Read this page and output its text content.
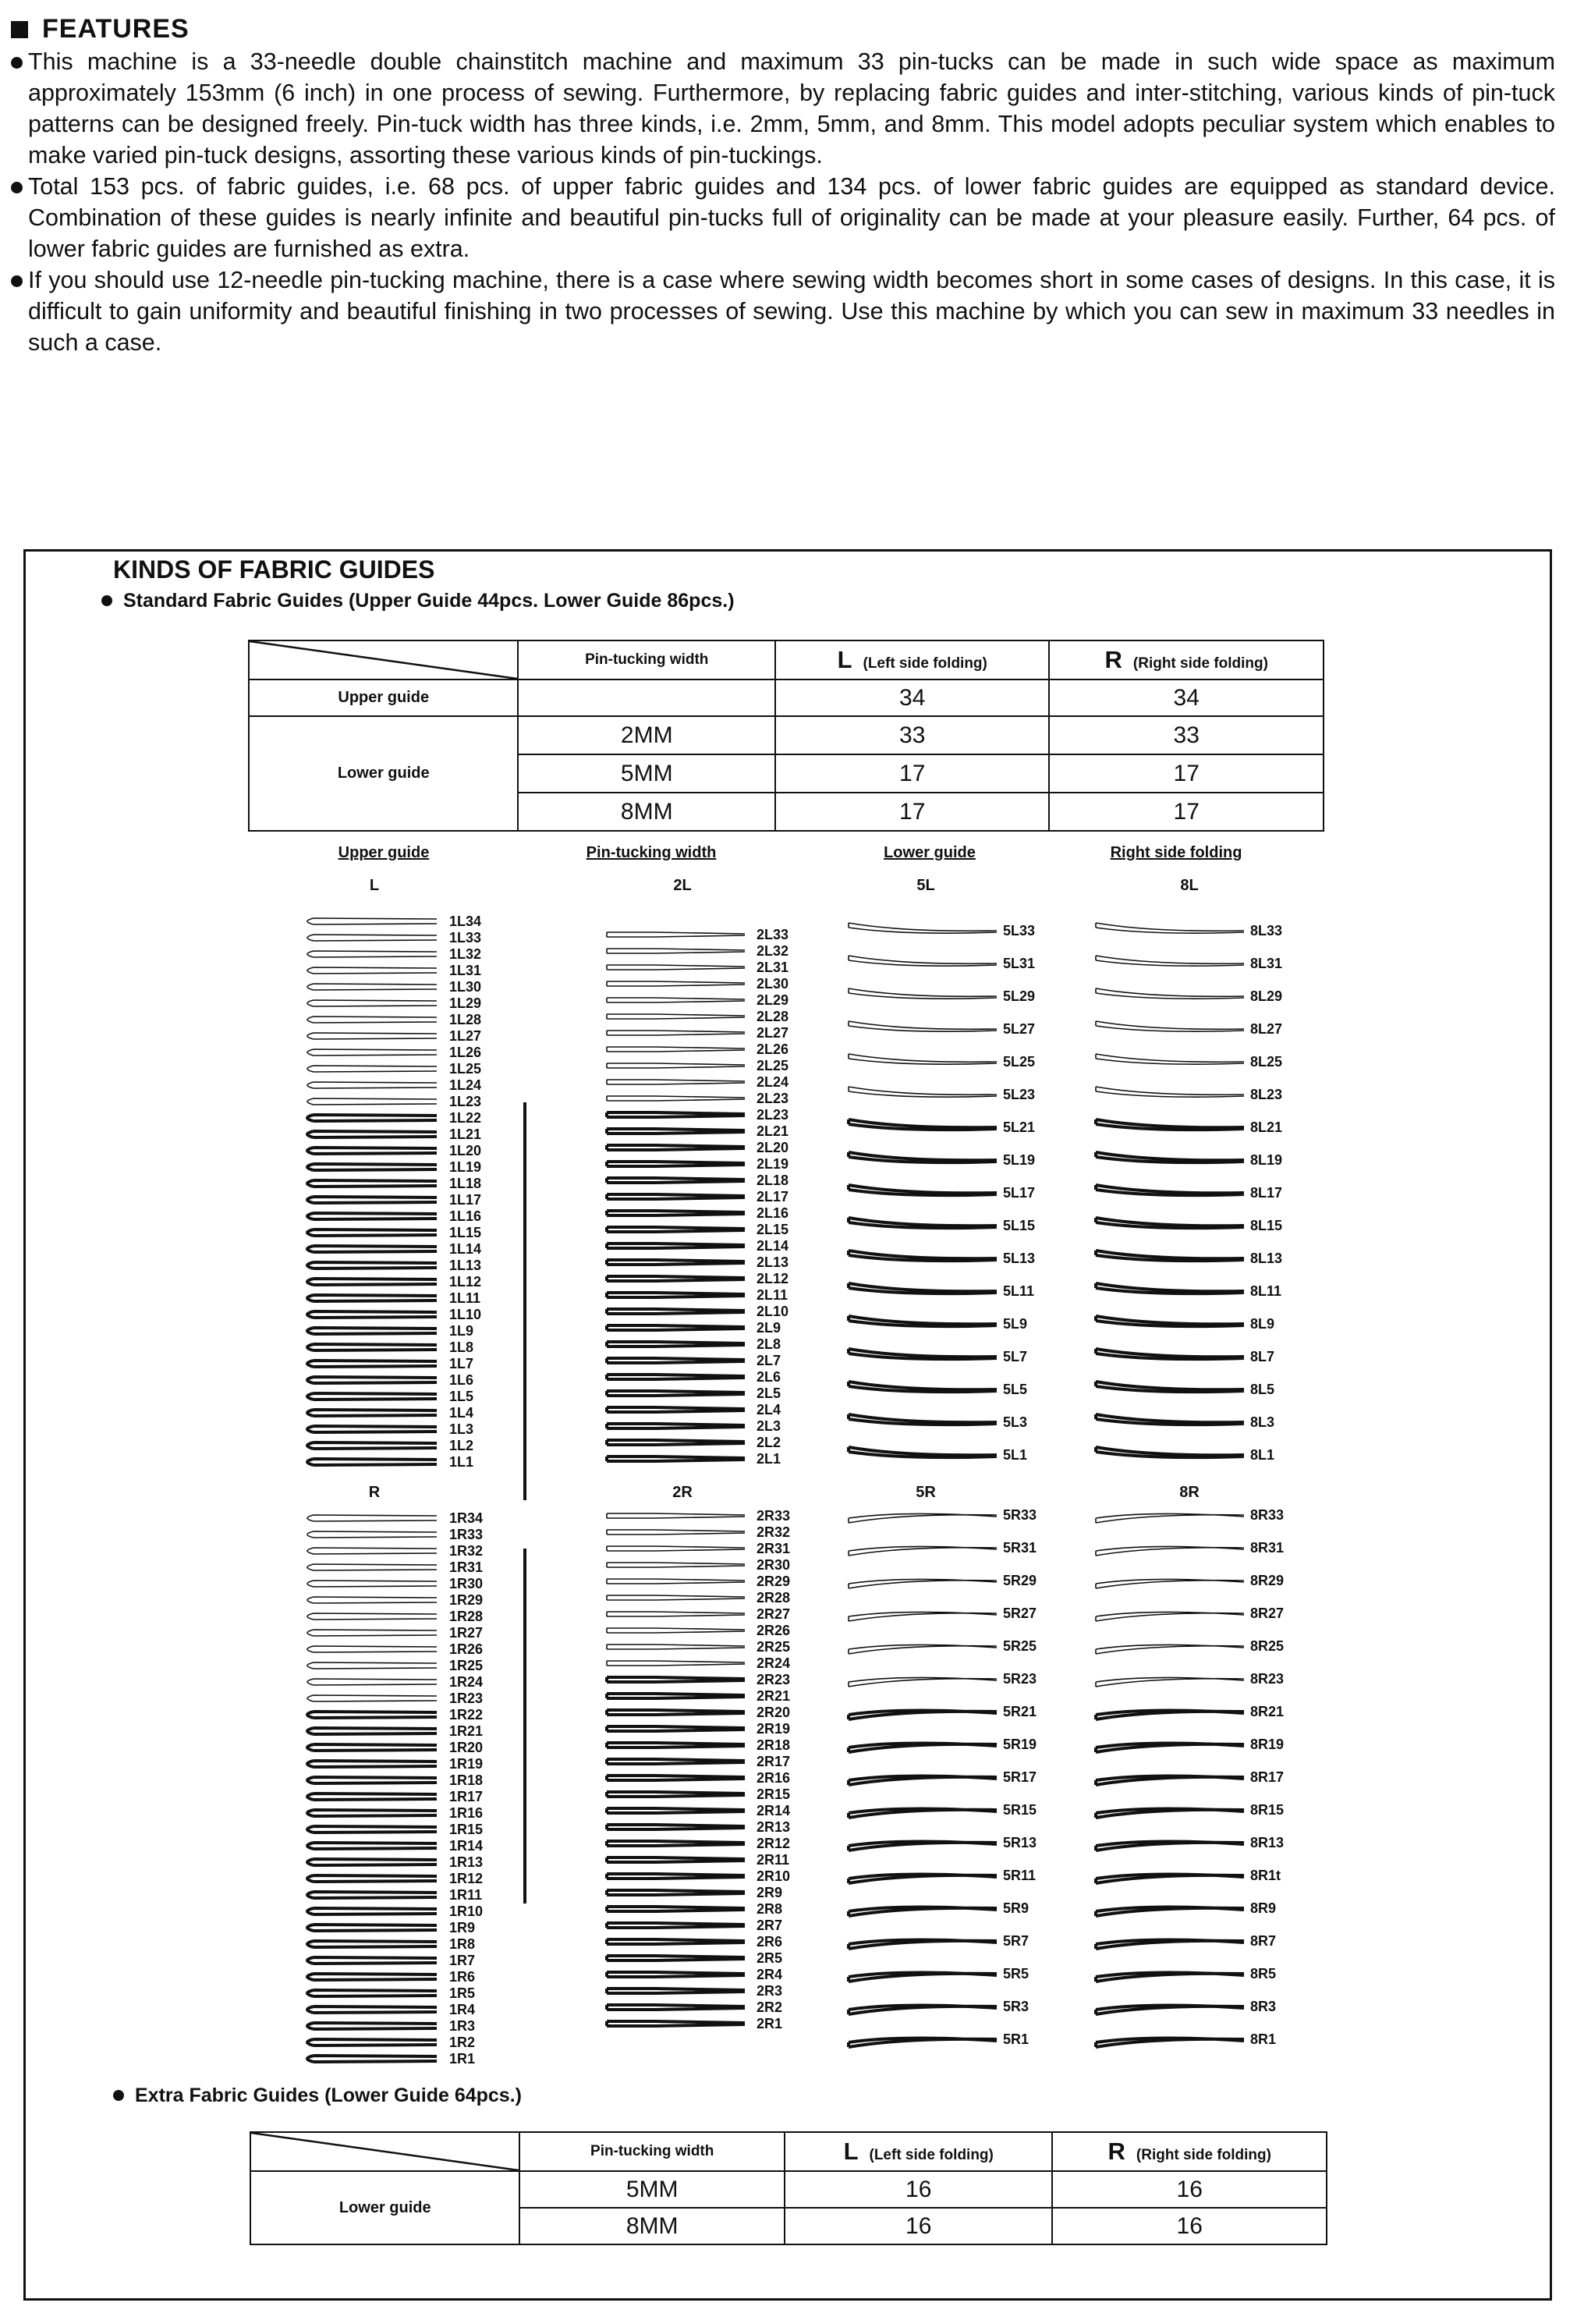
FEATURES
This machine is a 33-needle double chainstitch machine and maximum 33 pin-tucks can be made in such wide space as maximum approximately 153mm (6 inch) in one process of sewing. Furthermore, by replacing fabric guides and inter-stitching, various kinds of pin-tuck patterns can be designed freely. Pin-tuck width has three kinds, i.e. 2mm, 5mm, and 8mm. This model adopts peculiar system which enables to make varied pin-tuck designs, assorting these various kinds of pin-tuckings.
Total 153 pcs. of fabric guides, i.e. 68 pcs. of upper fabric guides and 134 pcs. of lower fabric guides are equipped as standard device. Combination of these guides is nearly infinite and beautiful pin-tucks full of originality can be made at your pleasure easily. Further, 64 pcs. of lower fabric guides are furnished as extra.
If you should use 12-needle pin-tucking machine, there is a case where sewing width becomes short in some cases of designs. In this case, it is difficult to gain uniformity and beautiful finishing in two processes of sewing. Use this machine by which you can sew in maximum 33 needles in such a case.
KINDS OF FABRIC GUIDES
Standard Fabric Guides (Upper Guide 44pcs. Lower Guide 86pcs.)
	Pin-tucking width	L (Left side folding)	R (Right side folding)
Upper guide		34	34
Lower guide	2MM	33	33
	5MM	17	17
	8MM	17	17
Upper guide	Pin-tucking width	Lower guide	Right side folding
L	2L	5L	8L
R	2R	5R	8R
1L34
1L33
1L32
1L31
1L30
1L29
1L28
1L27
1L26
1L25
1L24
1L23
1L22
1L21
1L20
1L19
1L18
1L17
1L16
1L15
1L14
1L13
1L12
1L11
1L10
1L9
1L8
1L7
1L6
1L5
1L4
1L3
1L2
1L1
1R34
1R33
1R32
1R31
1R30
1R29
1R28
1R27
1R26
1R25
1R24
1R23
1R22
1R21
1R20
1R19
1R18
1R17
1R16
1R15
1R14
1R13
1R12
1R11
1R10
1R9
1R8
1R7
1R6
1R5
1R4
1R3
1R2
1R1
2L33
2L32
2L31
2L30
2L29
2L28
2L27
2L26
2L25
2L24
2L23
2L23
2L21
2L20
2L19
2L18
2L17
2L16
2L15
2L14
2L13
2L12
2L11
2L10
2L9
2L8
2L7
2L6
2L5
2L4
2L3
2L2
2L1
2R33
2R32
2R31
2R30
2R29
2R28
2R27
2R26
2R25
2R24
2R23
2R21
2R20
2R19
2R18
2R17
2R16
2R15
2R14
2R13
2R12
2R11
2R10
2R9
2R8
2R7
2R6
2R5
2R4
2R3
2R2
2R1
5L33
5L31
5L29
5L27
5L25
5L23
5L21
5L19
5L17
5L15
5L13
5L11
5L9
5L7
5L5
5L3
5L1
5R33
5R31
5R29
5R27
5R25
5R23
5R21
5R19
5R17
5R15
5R13
5R11
5R9
5R7
5R5
5R3
5R1
8L33
8L31
8L29
8L27
8L25
8L23
8L21
8L19
8L17
8L15
8L13
8L11
8L9
8L7
8L5
8L3
8L1
8R33
8R31
8R29
8R27
8R25
8R23
8R21
8R19
8R17
8R15
8R13
8R1t
8R9
8R7
8R5
8R3
8R1
Extra Fabric Guides (Lower Guide 64pcs.)
	Pin-tucking width	L (Left side folding)	R (Right side folding)
Lower guide	5MM	16	16
	8MM	16	16
